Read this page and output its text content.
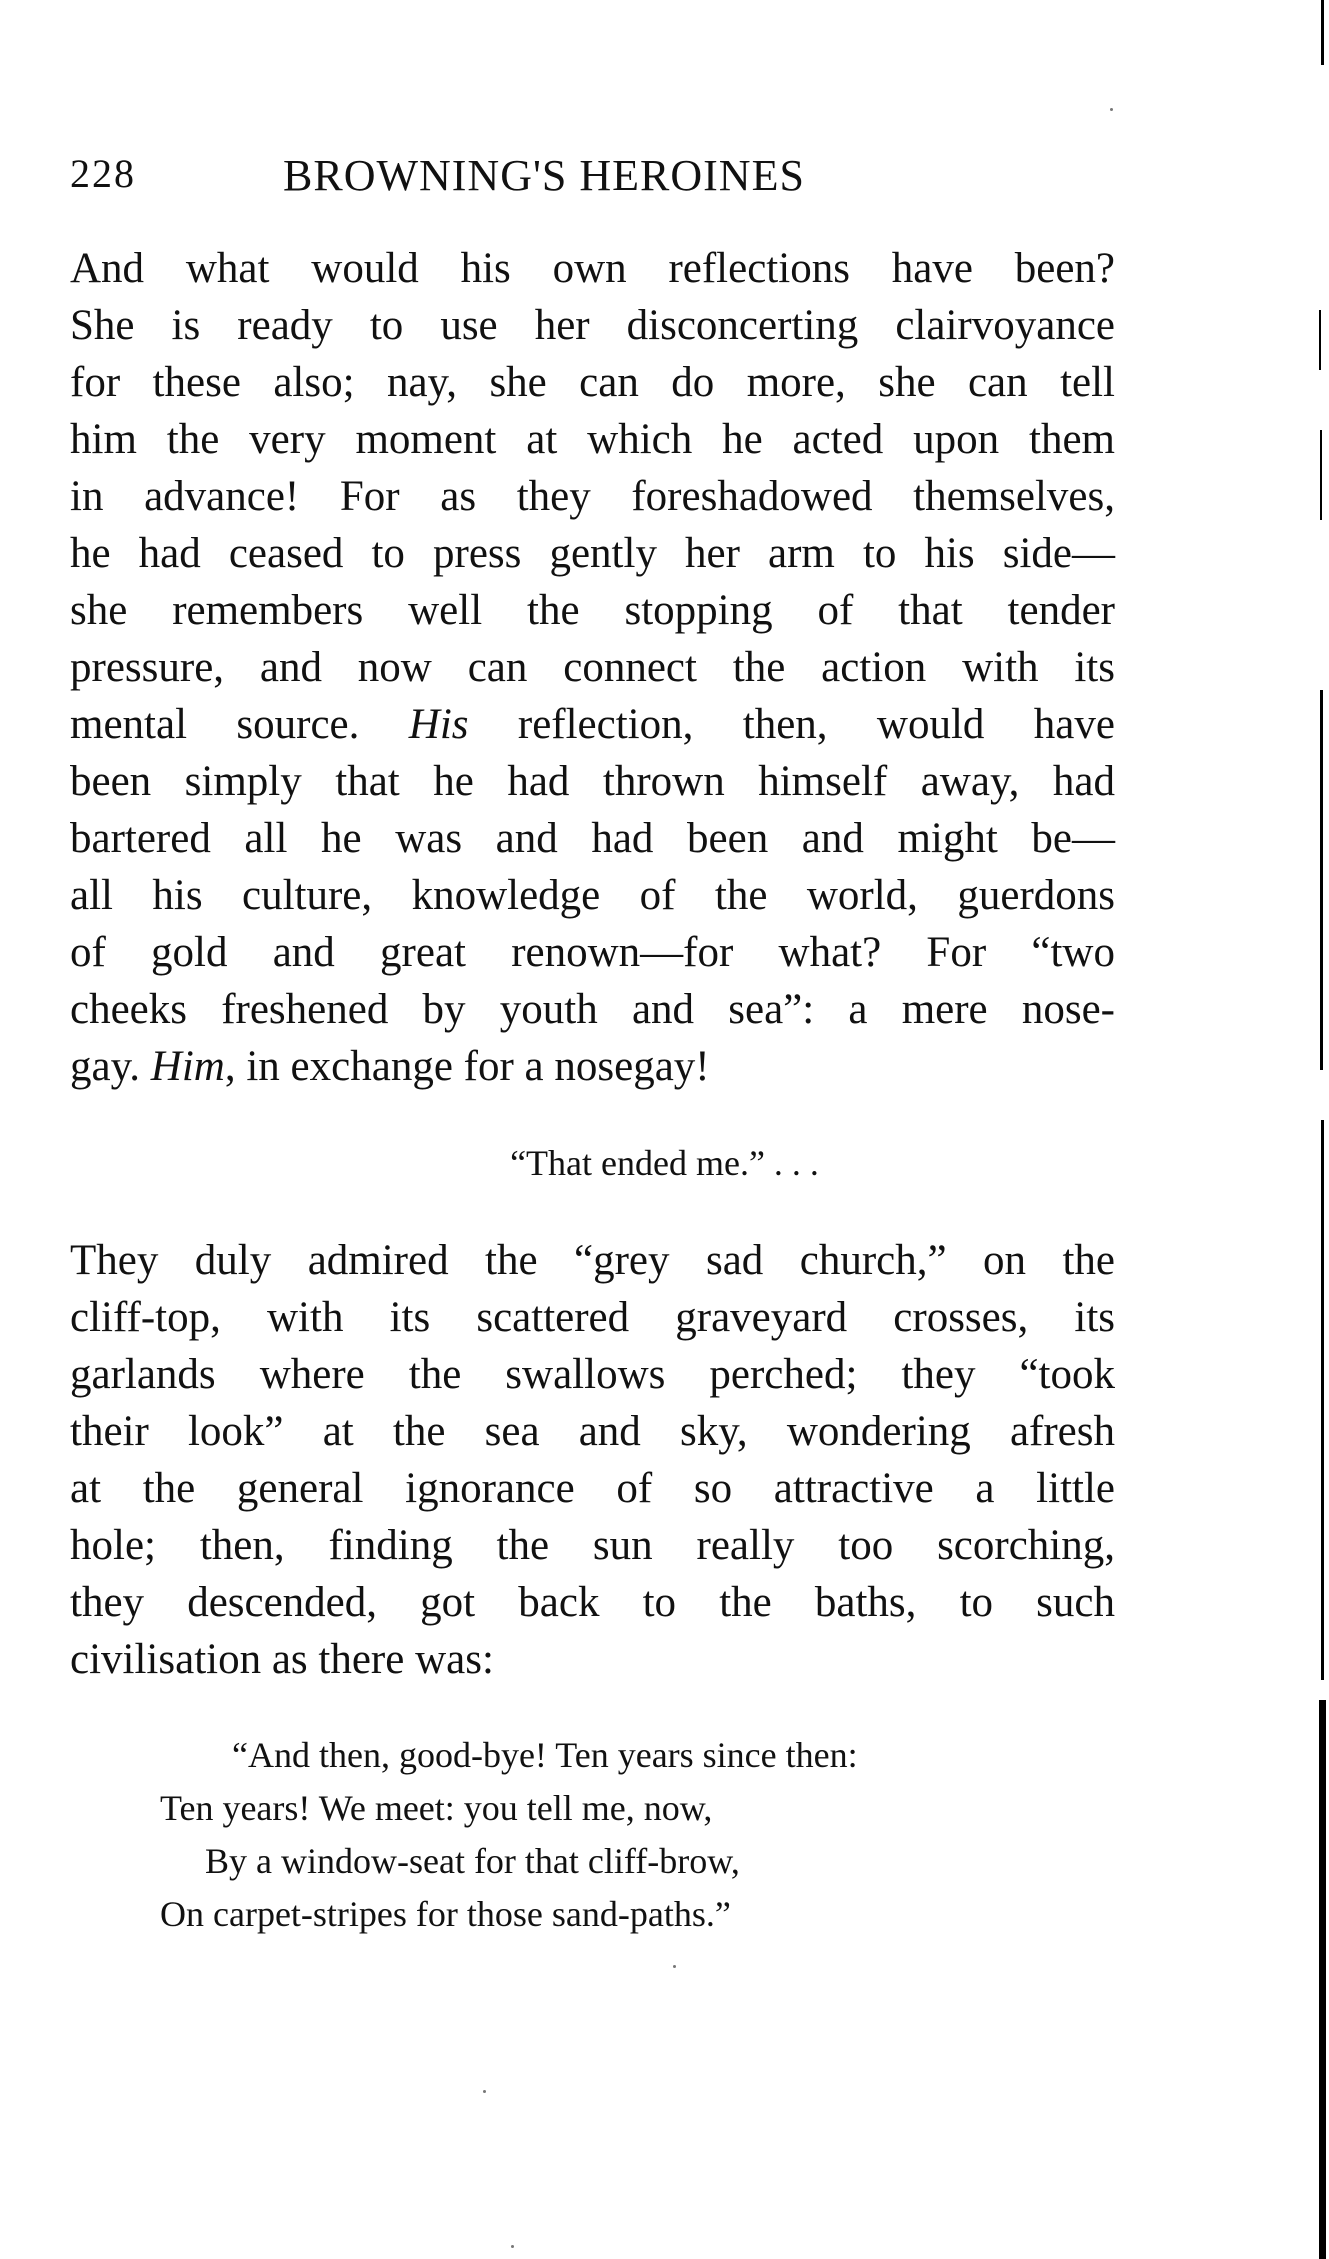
228	BROWNING'S HEROINES
And what would his own reflections have been?
She is ready to use her disconcerting clairvoyance
for these also; nay, she can do more, she can tell
him the very moment at which he acted upon them
in advance! For as they foreshadowed themselves,
he had ceased to press gently her arm to his side—
she remembers well the stopping of that tender
pressure, and now can connect the action with its
mental source. His reflection, then, would have
been simply that he had thrown himself away, had
bartered all he was and had been and might be—
all his culture, knowledge of the world, guerdons
of gold and great renown—for what? For “two
cheeks freshened by youth and sea”: a mere nose-
gay. Him, in exchange for a nosegay!
“That ended me.” . . .
They duly admired the “grey sad church,” on the
cliff-top, with its scattered graveyard crosses, its
garlands where the swallows perched; they “took
their look” at the sea and sky, wondering afresh
at the general ignorance of so attractive a little
hole; then, finding the sun really too scorching,
they descended, got back to the baths, to such
civilisation as there was:
“And then, good-bye! Ten years since then:
Ten years! We meet: you tell me, now,
By a window-seat for that cliff-brow,
On carpet-stripes for those sand-paths.”
